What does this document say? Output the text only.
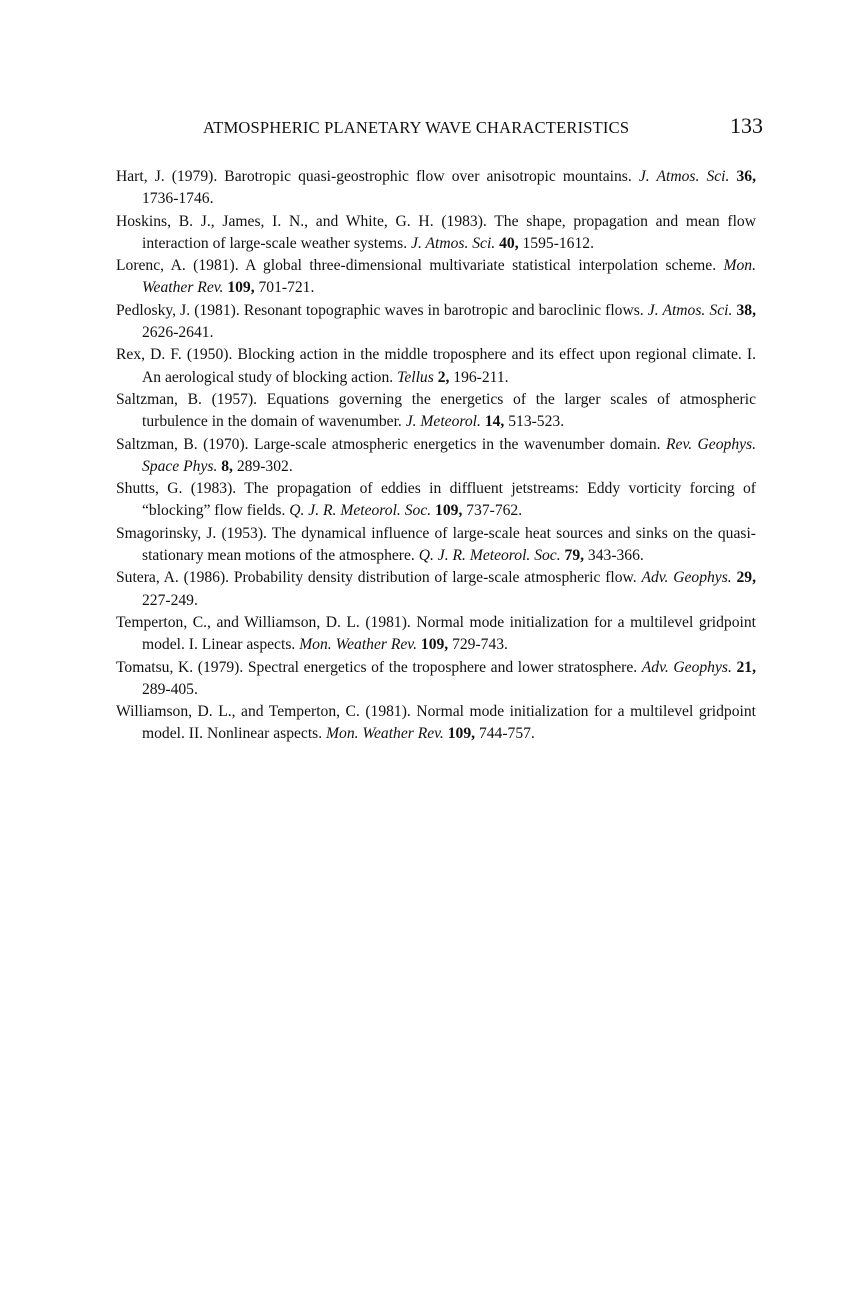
ATMOSPHERIC PLANETARY WAVE CHARACTERISTICS	133

Hart, J. (1979). Barotropic quasi-geostrophic flow over anisotropic mountains. J. Atmos. Sci. 36, 1736-1746.

Hoskins, B. J., James, I. N., and White, G. H. (1983). The shape, propagation and mean flow interaction of large-scale weather systems. J. Atmos. Sci. 40, 1595-1612.

Lorenc, A. (1981). A global three-dimensional multivariate statistical interpolation scheme. Mon. Weather Rev. 109, 701-721.

Pedlosky, J. (1981). Resonant topographic waves in barotropic and baroclinic flows. J. Atmos. Sci. 38, 2626-2641.

Rex, D. F. (1950). Blocking action in the middle troposphere and its effect upon regional climate. I. An aerological study of blocking action. Tellus 2, 196-211.

Saltzman, B. (1957). Equations governing the energetics of the larger scales of atmospheric turbulence in the domain of wavenumber. J. Meteorol. 14, 513-523.

Saltzman, B. (1970). Large-scale atmospheric energetics in the wavenumber domain. Rev. Geophys. Space Phys. 8, 289-302.

Shutts, G. (1983). The propagation of eddies in diffluent jetstreams: Eddy vorticity forcing of “blocking” flow fields. Q. J. R. Meteorol. Soc. 109, 737-762.

Smagorinsky, J. (1953). The dynamical influence of large-scale heat sources and sinks on the quasi-stationary mean motions of the atmosphere. Q. J. R. Meteorol. Soc. 79, 343-366.

Sutera, A. (1986). Probability density distribution of large-scale atmospheric flow. Adv. Geophys. 29, 227-249.

Temperton, C., and Williamson, D. L. (1981). Normal mode initialization for a multilevel gridpoint model. I. Linear aspects. Mon. Weather Rev. 109, 729-743.

Tomatsu, K. (1979). Spectral energetics of the troposphere and lower stratosphere. Adv. Geophys. 21, 289-405.

Williamson, D. L., and Temperton, C. (1981). Normal mode initialization for a multilevel gridpoint model. II. Nonlinear aspects. Mon. Weather Rev. 109, 744-757.
